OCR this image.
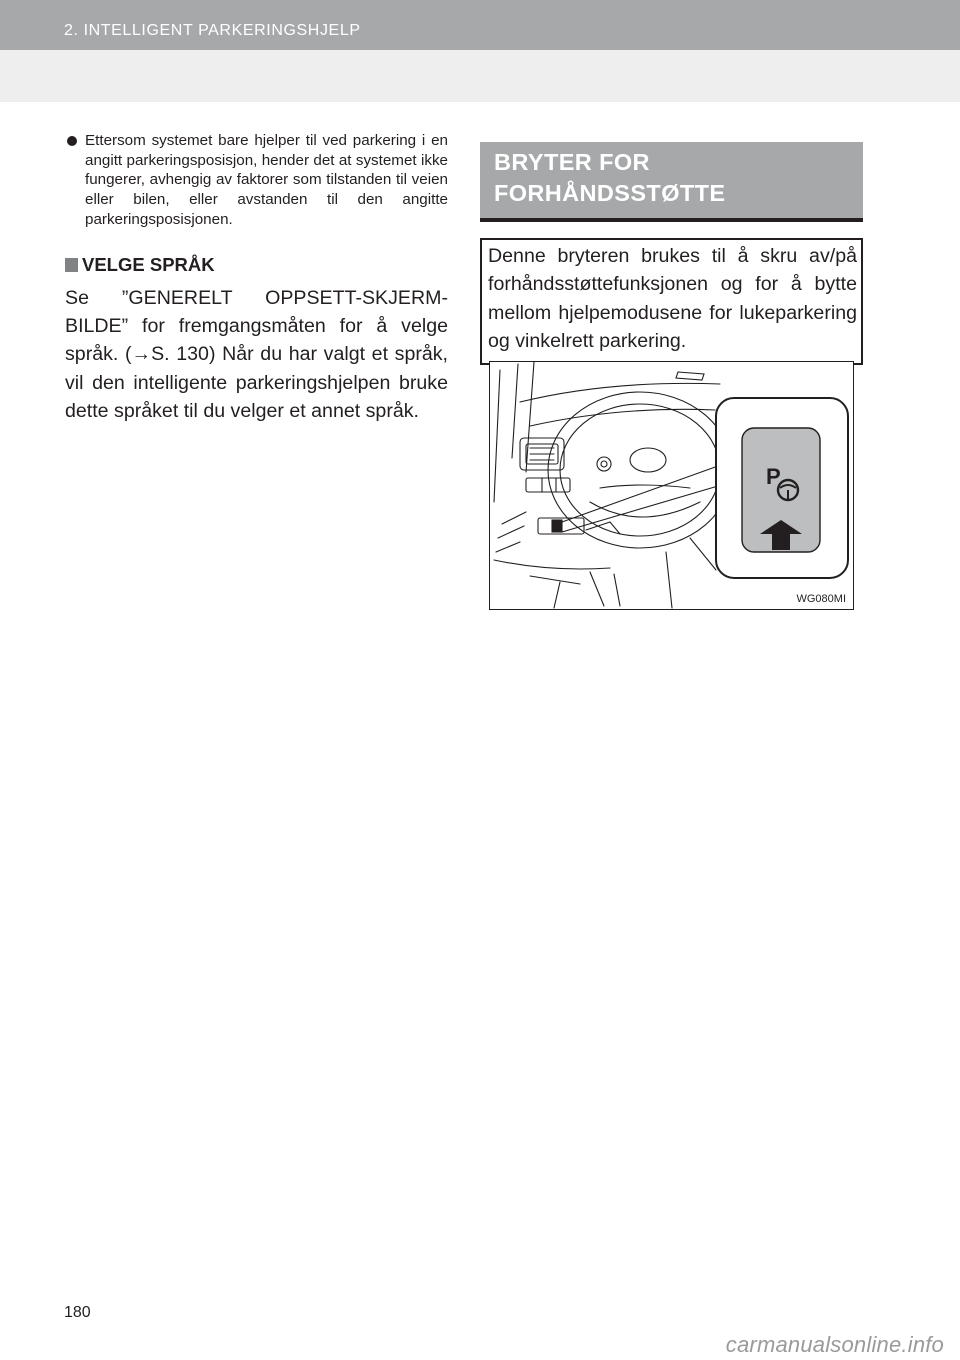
2. INTELLIGENT PARKERINGSHJELP
Ettersom systemet bare hjelper til ved parkering i en angitt parkeringsposisjon, hender det at systemet ikke fungerer, avhengig av faktorer som tilstanden til veien eller bilen, eller avstanden til den angitte parkeringsposisjonen.
VELGE SPRÅK
Se ”GENERELT OPPSETT-SKJERMBILDE” for fremgangsmåten for å velge språk. (→S. 130) Når du har valgt et språk, vil den intelligente parkeringshjelpen bruke dette språket til du velger et annet språk.
BRYTER FOR FORHÅNDSSTØTTE
Denne bryteren brukes til å skru av/på forhåndsstøttefunksjonen og for å bytte mellom hjelpemodusene for lukeparkering og vinkelrett parkering.
P
WG080MI
180
carmanualsonline.info
